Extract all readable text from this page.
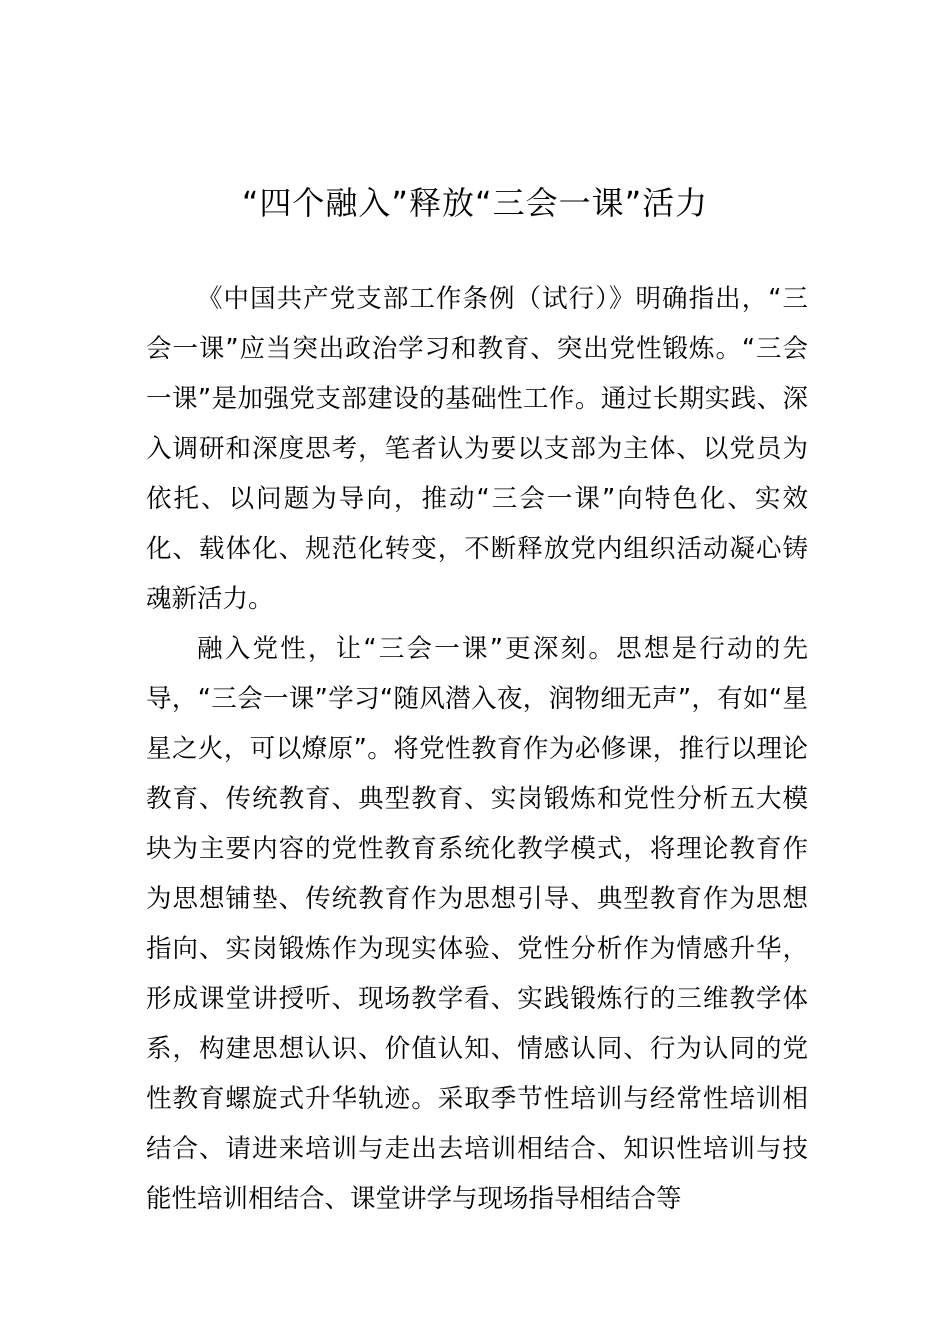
“四个融入”释放“三会一课”活力

《中国共产党支部工作条例（试行）》明确指出，“三会一课”应当突出政治学习和教育、突出党性锻炼。“三会一课”是加强党支部建设的基础性工作。通过长期实践、深入调研和深度思考，笔者认为要以支部为主体、以党员为依托、以问题为导向，推动“三会一课”向特色化、实效化、载体化、规范化转变，不断释放党内组织活动凝心铸魂新活力。

融入党性，让“三会一课”更深刻。思想是行动的先导，“三会一课”学习“随风潜入夜，润物细无声”，有如“星星之火，可以燎原”。将党性教育作为必修课，推行以理论教育、传统教育、典型教育、实岗锻炼和党性分析五大模块为主要内容的党性教育系统化教学模式，将理论教育作为思想铺垫、传统教育作为思想引导、典型教育作为思想指向、实岗锻炼作为现实体验、党性分析作为情感升华，形成课堂讲授听、现场教学看、实践锻炼行的三维教学体系，构建思想认识、价值认知、情感认同、行为认同的党性教育螺旋式升华轨迹。采取季节性培训与经常性培训相结合、请进来培训与走出去培训相结合、知识性培训与技能性培训相结合、课堂讲学与现场指导相结合等
